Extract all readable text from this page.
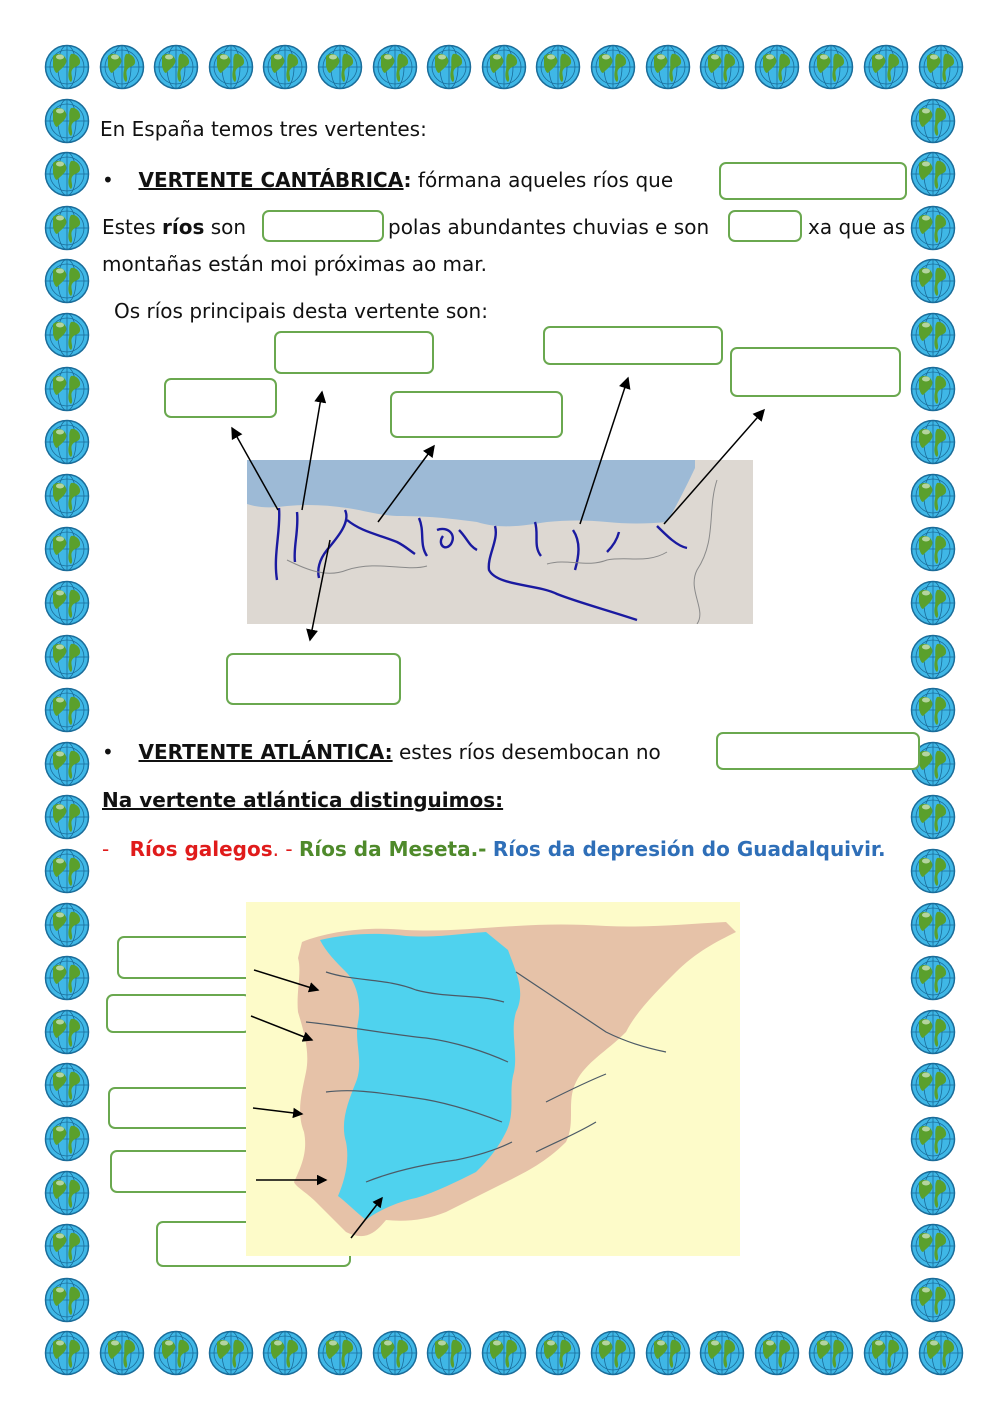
En España temos tres vertentes:
• VERTENTE CANTÁBRICA: fórmana aqueles ríos que
Estes ríos son	polas abundantes chuvias e son	xa que as
montañas están moi próximas ao mar.
Os ríos principais desta vertente son:
• VERTENTE ATLÁNTICA: estes ríos desembocan no
Na vertente atlántica distinguimos:
- Ríos galegos. - Ríos da Meseta.- Ríos da depresión do Guadalquivir.
